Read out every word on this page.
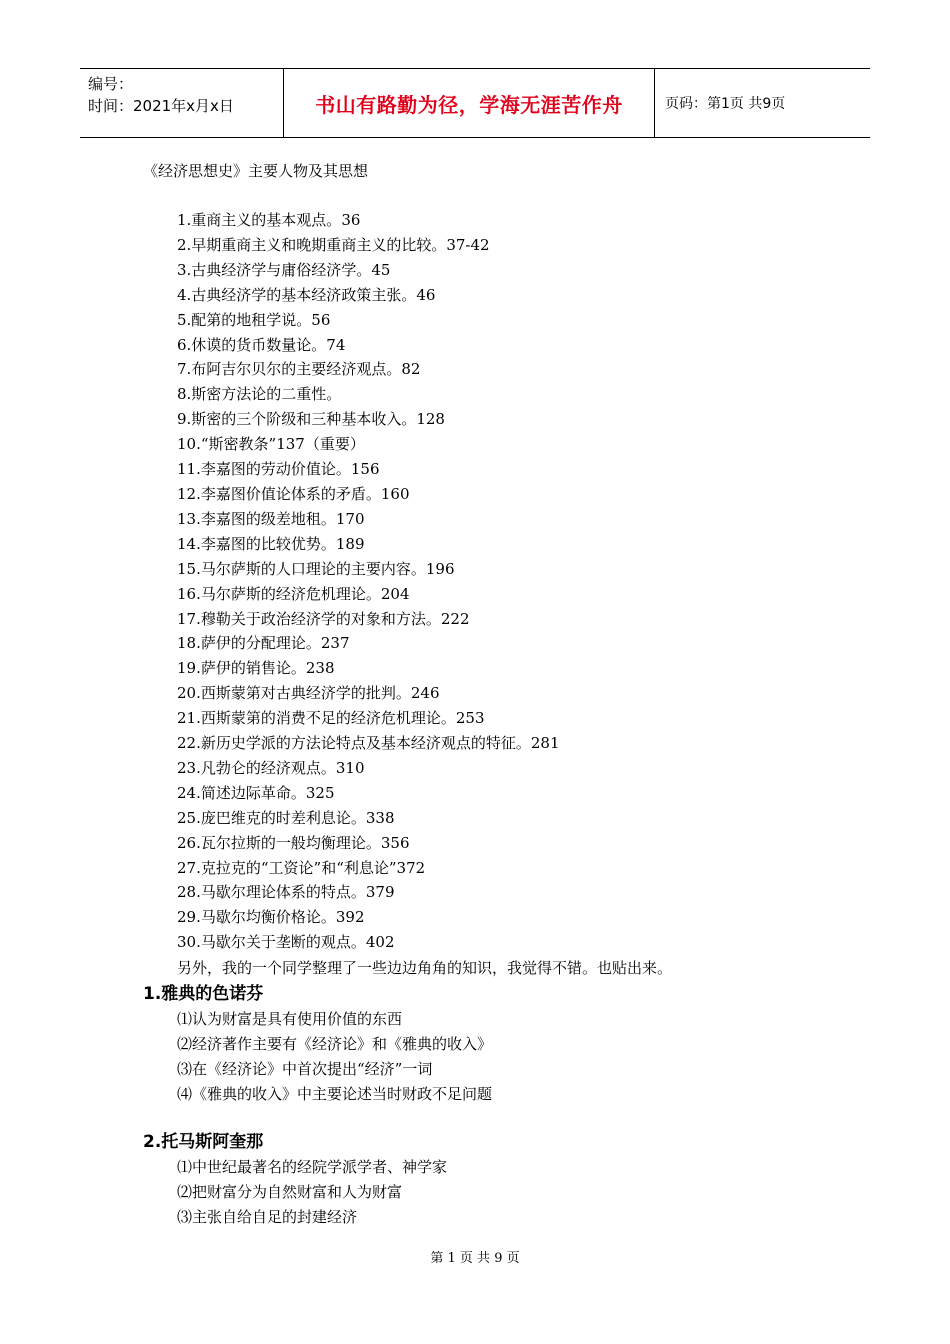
编号：
时间：2021年x月x日	书山有路勤为径，学海无涯苦作舟	页码：第1页 共9页
《经济思想史》主要人物及其思想
1.重商主义的基本观点。36
2.早期重商主义和晚期重商主义的比较。37-42
3.古典经济学与庸俗经济学。45
4.古典经济学的基本经济政策主张。46
5.配第的地租学说。56
6.休谟的货币数量论。74
7.布阿吉尔贝尔的主要经济观点。82
8.斯密方法论的二重性。
9.斯密的三个阶级和三种基本收入。128
10.“斯密教条”137（重要）
11.李嘉图的劳动价值论。156
12.李嘉图价值论体系的矛盾。160
13.李嘉图的级差地租。170
14.李嘉图的比较优势。189
15.马尔萨斯的人口理论的主要内容。196
16.马尔萨斯的经济危机理论。204
17.穆勒关于政治经济学的对象和方法。222
18.萨伊的分配理论。237
19.萨伊的销售论。238
20.西斯蒙第对古典经济学的批判。246
21.西斯蒙第的消费不足的经济危机理论。253
22.新历史学派的方法论特点及基本经济观点的特征。281
23.凡勃仑的经济观点。310
24.简述边际革命。325
25.庞巴维克的时差利息论。338
26.瓦尔拉斯的一般均衡理论。356
27.克拉克的“工资论”和“利息论”372
28.马歇尔理论体系的特点。379
29.马歇尔均衡价格论。392
30.马歇尔关于垄断的观点。402
另外，我的一个同学整理了一些边边角角的知识，我觉得不错。也贴出来。
1.雅典的色诺芬
⑴认为财富是具有使用价值的东西
⑵经济著作主要有《经济论》和《雅典的收入》
⑶在《经济论》中首次提出“经济”一词
⑷《雅典的收入》中主要论述当时财政不足问题
2.托马斯阿奎那
⑴中世纪最著名的经院学派学者、神学家
⑵把财富分为自然财富和人为财富
⑶主张自给自足的封建经济
第 1 页 共 9 页
